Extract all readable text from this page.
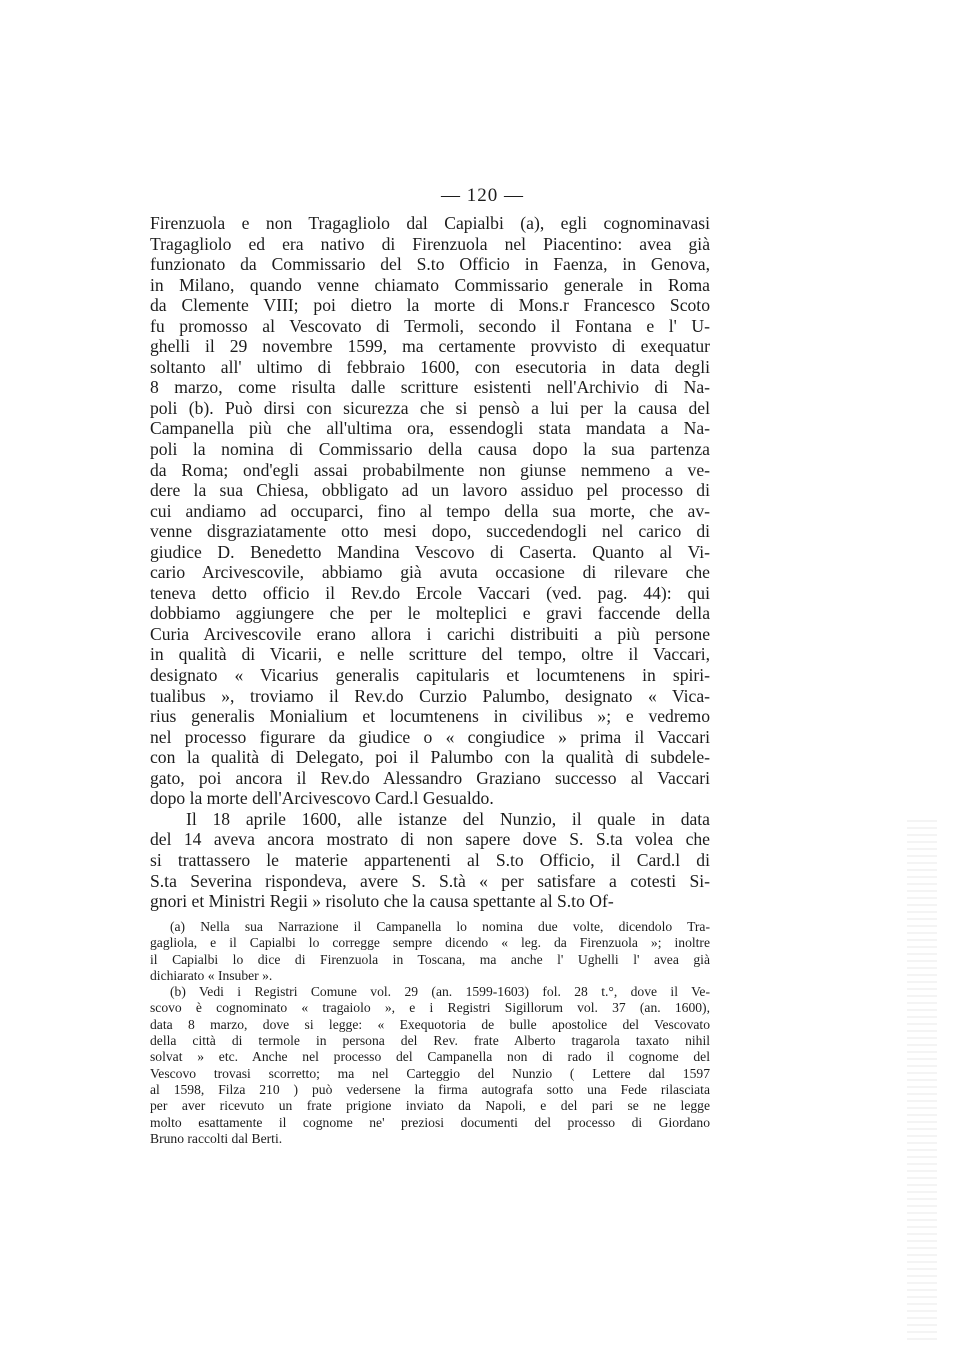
— 120 —
Firenzuola e non Tragagliolo dal Capialbi (a), egli cognominavasi
Tragagliolo ed era nativo di Firenzuola nel Piacentino: avea già
funzionato da Commissario del S.to Officio in Faenza, in Genova,
in Milano, quando venne chiamato Commissario generale in Roma
da Clemente VIII; poi dietro la morte di Mons.r Francesco Scoto
fu promosso al Vescovato di Termoli, secondo il Fontana e l' U-
ghelli il 29 novembre 1599, ma certamente provvisto di exequatur
soltanto all' ultimo di febbraio 1600, con esecutoria in data degli
8 marzo, come risulta dalle scritture esistenti nell'Archivio di Na-
poli (b). Può dirsi con sicurezza che si pensò a lui per la causa del
Campanella più che all'ultima ora, essendogli stata mandata a Na-
poli la nomina di Commissario della causa dopo la sua partenza
da Roma; ond'egli assai probabilmente non giunse nemmeno a ve-
dere la sua Chiesa, obbligato ad un lavoro assiduo pel processo di
cui andiamo ad occuparci, fino al tempo della sua morte, che av-
venne disgraziatamente otto mesi dopo, succedendogli nel carico di
giudice D. Benedetto Mandina Vescovo di Caserta. Quanto al Vi-
cario Arcivescovile, abbiamo già avuta occasione di rilevare che
teneva detto officio il Rev.do Ercole Vaccari (ved. pag. 44): qui
dobbiamo aggiungere che per le molteplici e gravi faccende della
Curia Arcivescovile erano allora i carichi distribuiti a più persone
in qualità di Vicarii, e nelle scritture del tempo, oltre il Vaccari,
designato « Vicarius generalis capitularis et locumtenens in spiri-
tualibus », troviamo il Rev.do Curzio Palumbo, designato « Vica-
rius generalis Monialium et locumtenens in civilibus »; e vedremo
nel processo figurare da giudice o « congiudice » prima il Vaccari
con la qualità di Delegato, poi il Palumbo con la qualità di subdele-
gato, poi ancora il Rev.do Alessandro Graziano successo al Vaccari
dopo la morte dell'Arcivescovo Card.l Gesualdo.
Il 18 aprile 1600, alle istanze del Nunzio, il quale in data
del 14 aveva ancora mostrato di non sapere dove S. S.ta volea che
si trattassero le materie appartenenti al S.to Officio, il Card.l di
S.ta Severina rispondeva, avere S. S.tà « per satisfare a cotesti Si-
gnori et Ministri Regii » risoluto che la causa spettante al S.to Of-
(a) Nella sua Narrazione il Campanella lo nomina due volte, dicendolo Tra-
gagliola, e il Capialbi lo corregge sempre dicendo « leg. da Firenzuola »; inoltre
il Capialbi lo dice di Firenzuola in Toscana, ma anche l' Ughelli l' avea già
dichiarato « Insuber ».
(b) Vedi i Registri Comune vol. 29 (an. 1599-1603) fol. 28 t.°, dove il Ve-
scovo è cognominato « tragaiolo », e i Registri Sigillorum vol. 37 (an. 1600),
data 8 marzo, dove si legge: « Exequotoria de bulle apostolice del Vescovato
della città di termole in persona del Rev. frate Alberto tragarola taxato nihil
solvat » etc. Anche nel processo del Campanella non di rado il cognome del
Vescovo trovasi scorretto; ma nel Carteggio del Nunzio ( Lettere dal 1597
al 1598, Filza 210 ) può vedersene la firma autografa sotto una Fede rilasciata
per aver ricevuto un frate prigione inviato da Napoli, e del pari se ne legge
molto esattamente il cognome ne' preziosi documenti del processo di Giordano
Bruno raccolti dal Berti.
